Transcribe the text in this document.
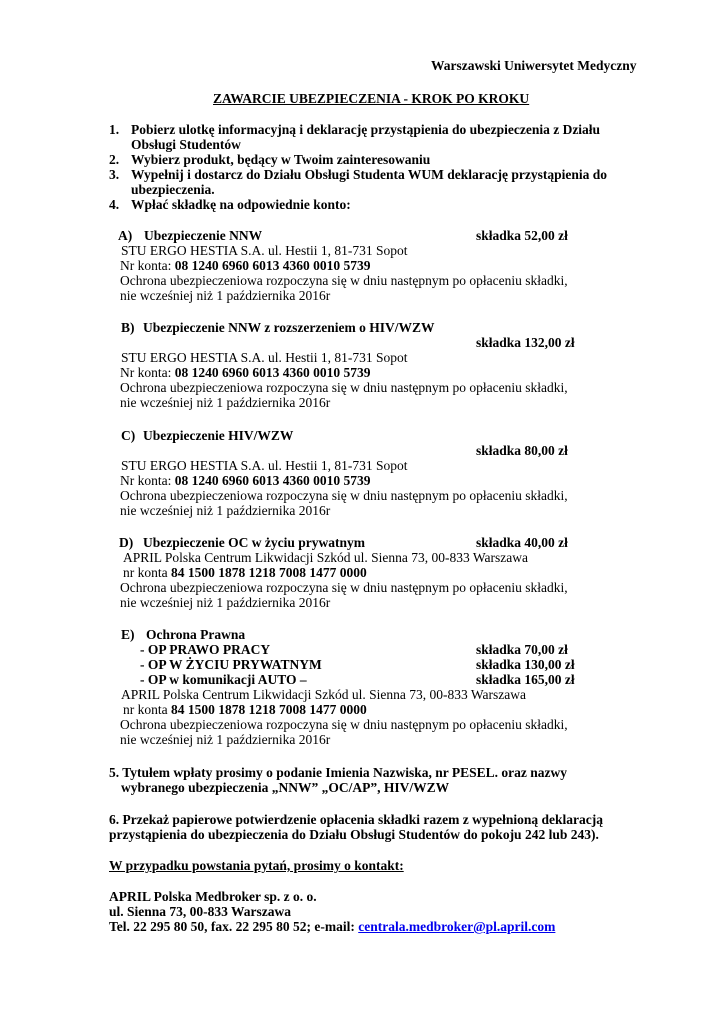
Warszawski Uniwersytet Medyczny
ZAWARCIE UBEZPIECZENIA - KROK PO KROKU
1. Pobierz ulotkę informacyjną i deklarację przystąpienia do ubezpieczenia z Działu
Obsługi Studentów
2. Wybierz produkt, będący w Twoim zainteresowaniu
3. Wypełnij i dostarcz do Działu Obsługi Studenta WUM deklarację przystąpienia do
ubezpieczenia.
4. Wpłać składkę na odpowiednie konto:
A) Ubezpieczenie NNW	składka 52,00 zł
STU ERGO HESTIA S.A. ul. Hestii 1, 81-731 Sopot
Nr konta: 08 1240 6960 6013 4360 0010 5739
Ochrona ubezpieczeniowa rozpoczyna się w dniu następnym po opłaceniu składki,
nie wcześniej niż 1 października 2016r
B) Ubezpieczenie NNW z rozszerzeniem o HIV/WZW
składka 132,00 zł
STU ERGO HESTIA S.A. ul. Hestii 1, 81-731 Sopot
Nr konta: 08 1240 6960 6013 4360 0010 5739
Ochrona ubezpieczeniowa rozpoczyna się w dniu następnym po opłaceniu składki,
nie wcześniej niż 1 października 2016r
C) Ubezpieczenie HIV/WZW
składka 80,00 zł
STU ERGO HESTIA S.A. ul. Hestii 1, 81-731 Sopot
Nr konta: 08 1240 6960 6013 4360 0010 5739
Ochrona ubezpieczeniowa rozpoczyna się w dniu następnym po opłaceniu składki,
nie wcześniej niż 1 października 2016r
D) Ubezpieczenie OC w życiu prywatnym	składka 40,00 zł
APRIL Polska Centrum Likwidacji Szkód ul. Sienna 73, 00-833 Warszawa
nr konta 84 1500 1878 1218 7008 1477 0000
Ochrona ubezpieczeniowa rozpoczyna się w dniu następnym po opłaceniu składki,
nie wcześniej niż 1 października 2016r
E) Ochrona Prawna
- OP PRAWO PRACY	składka 70,00 zł
- OP W ŻYCIU PRYWATNYM	składka 130,00 zł
- OP w komunikacji AUTO –	składka 165,00 zł
APRIL Polska Centrum Likwidacji Szkód ul. Sienna 73, 00-833 Warszawa
nr konta 84 1500 1878 1218 7008 1477 0000
Ochrona ubezpieczeniowa rozpoczyna się w dniu następnym po opłaceniu składki,
nie wcześniej niż 1 października 2016r
5. Tytułem wpłaty prosimy o podanie Imienia Nazwiska, nr PESEL. oraz nazwy
wybranego ubezpieczenia „NNW” „OC/AP”, HIV/WZW
6. Przekaż papierowe potwierdzenie opłacenia składki razem z wypełnioną deklaracją
przystąpienia do ubezpieczenia do Działu Obsługi Studentów do pokoju 242 lub 243).
W przypadku powstania pytań, prosimy o kontakt:
APRIL Polska Medbroker sp. z o. o.
ul. Sienna 73, 00-833 Warszawa
Tel. 22 295 80 50, fax. 22 295 80 52; e-mail: centrala.medbroker@pl.april.com
